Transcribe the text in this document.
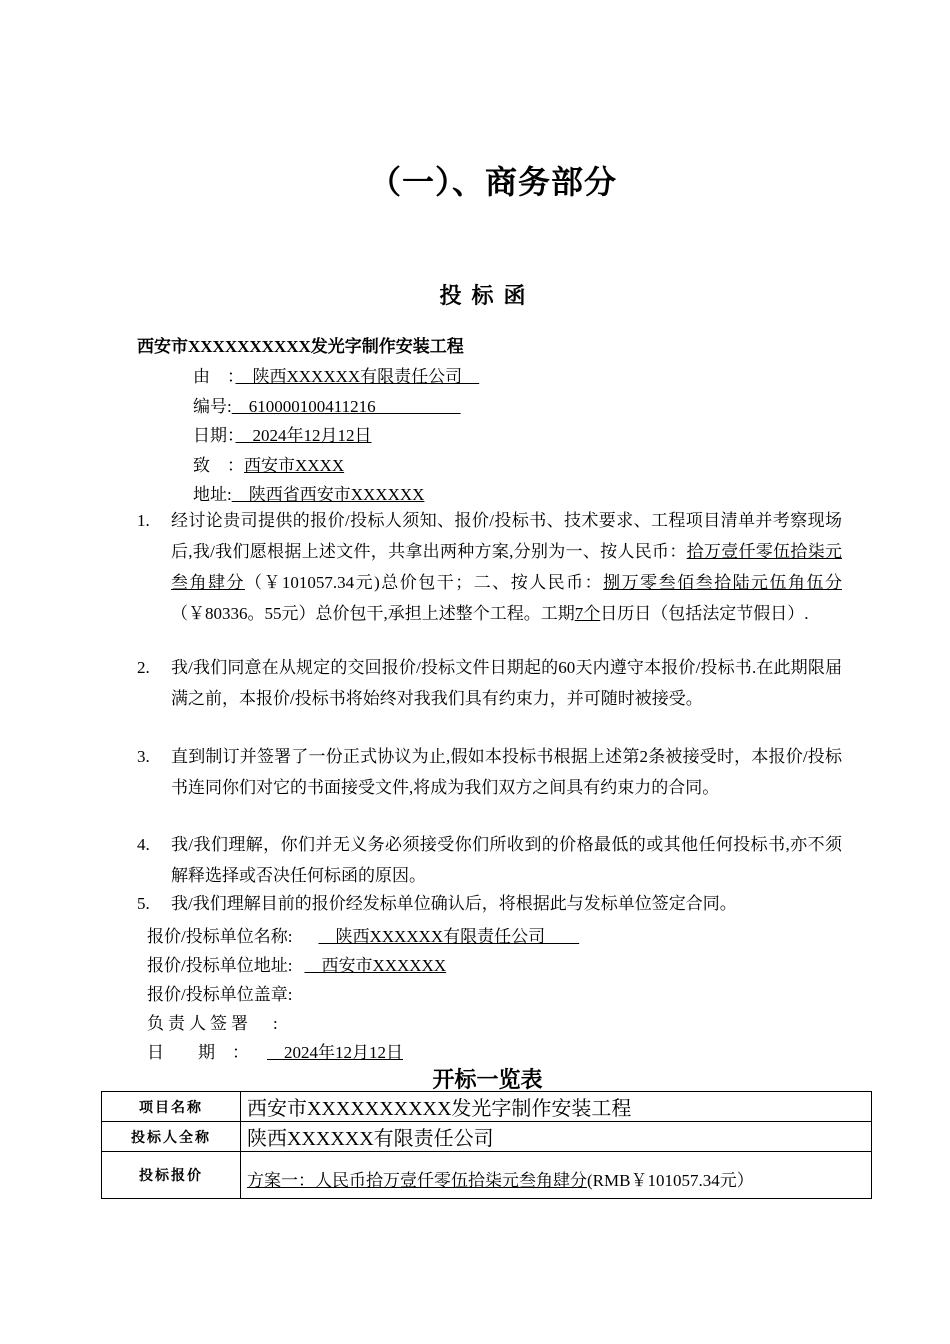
（一）、商务部分
投标函
西安市XXXXXXXXXX发光字制作安装工程
由　：　陕西XXXXXX有限责任公司　
编号:　610000100411216　　　　　
日期：　2024年12月12日
致　：西安市XXXX
地址:　陕西省西安市XXXXXX
1.	经讨论贵司提供的报价/投标人须知、报价/投标书、技术要求、工程项目清单并考察现场后,我/我们愿根据上述文件，共拿出两种方案,分别为一、按人民币：拾万壹仟零伍拾柒元叁角肆分（￥101057.34元)总价包干；二、按人民币：捌万零叁佰叁拾陆元伍角伍分（￥80336。55元）总价包干,承担上述整个工程。工期7个日历日（包括法定节假日）.
2.	我/我们同意在从规定的交回报价/投标文件日期起的60天内遵守本报价/投标书.在此期限届满之前，本报价/投标书将始终对我我们具有约束力，并可随时被接受。
3.	直到制订并签署了一份正式协议为止,假如本投标书根据上述第2条被接受时，本报价/投标书连同你们对它的书面接受文件,将成为我们双方之间具有约束力的合同。
4.	我/我们理解，你们并无义务必须接受你们所收到的价格最低的或其他任何投标书,亦不须解释选择或否决任何标函的原因。
5.	我/我们理解目前的报价经发标单位确认后，将根据此与发标单位签定合同。
报价/投标单位名称:　陕西XXXXXX有限责任公司　　
报价/投标单位地址:　西安市XXXXXX
报价/投标单位盖章:
负责人签署　:
日　　期　：　2024年12月12日
开标一览表
项目名称	西安市XXXXXXXXXX发光字制作安装工程
投标人全称	陕西XXXXXX有限责任公司
投标报价	方案一：人民币拾万壹仟零伍拾柒元叁角肆分(RMB￥101057.34元）
